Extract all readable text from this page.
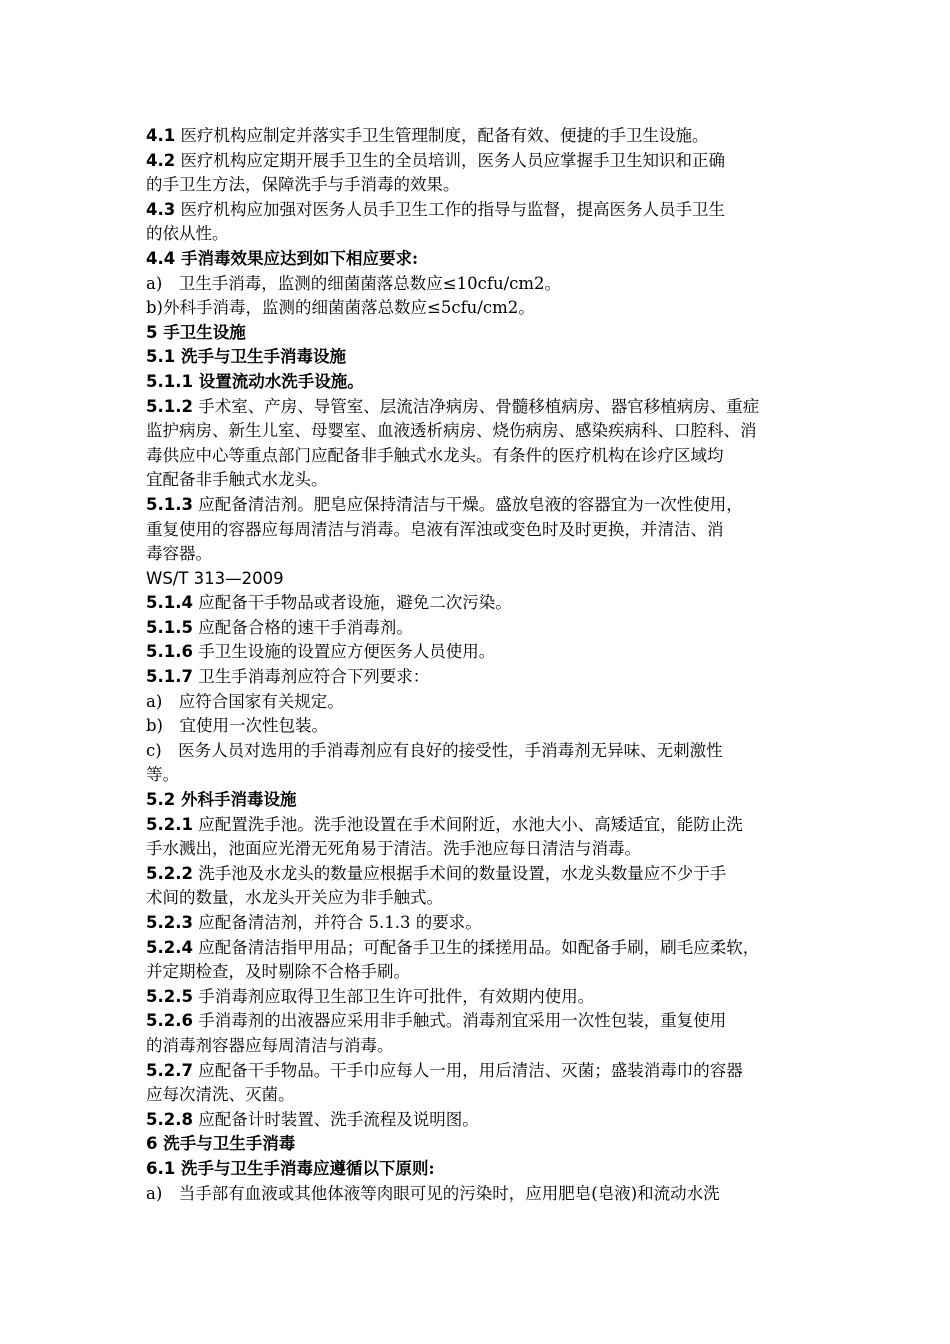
4.1 医疗机构应制定并落实手卫生管理制度，配备有效、便捷的手卫生设施。
4.2 医疗机构应定期开展手卫生的全员培训，医务人员应掌握手卫生知识和正确
的手卫生方法，保障洗手与手消毒的效果。
4.3 医疗机构应加强对医务人员手卫生工作的指导与监督，提高医务人员手卫生
的依从性。
4.4 手消毒效果应达到如下相应要求:
a)　卫生手消毒，监测的细菌菌落总数应≤10cfu/cm2。
b)外科手消毒，监测的细菌菌落总数应≤5cfu/cm2。
5 手卫生设施
5.1 洗手与卫生手消毒设施
5.1.1 设置流动水洗手设施。
5.1.2 手术室、产房、导管室、层流洁净病房、骨髓移植病房、器官移植病房、重症
监护病房、新生儿室、母婴室、血液透析病房、烧伤病房、感染疾病科、口腔科、消
毒供应中心等重点部门应配备非手触式水龙头。有条件的医疗机构在诊疗区域均
宜配备非手触式水龙头。
5.1.3 应配备清洁剂。肥皂应保持清洁与干燥。盛放皂液的容器宜为一次性使用，
重复使用的容器应每周清洁与消毒。皂液有浑浊或变色时及时更换，并清洁、消
毒容器。
WS/T 313—2009
5.1.4 应配备干手物品或者设施，避免二次污染。
5.1.5 应配备合格的速干手消毒剂。
5.1.6 手卫生设施的设置应方便医务人员使用。
5.1.7 卫生手消毒剂应符合下列要求：
a)　应符合国家有关规定。
b)　宜使用一次性包装。
c)　医务人员对选用的手消毒剂应有良好的接受性，手消毒剂无异味、无刺激性
等。
5.2 外科手消毒设施
5.2.1 应配置洗手池。洗手池设置在手术间附近，水池大小、高矮适宜，能防止洗
手水溅出，池面应光滑无死角易于清洁。洗手池应每日清洁与消毒。
5.2.2 洗手池及水龙头的数量应根据手术间的数量设置，水龙头数量应不少于手
术间的数量，水龙头开关应为非手触式。
5.2.3 应配备清洁剂，并符合 5.1.3 的要求。
5.2.4 应配备清洁指甲用品；可配备手卫生的揉搓用品。如配备手刷，刷毛应柔软，
并定期检查，及时剔除不合格手刷。
5.2.5 手消毒剂应取得卫生部卫生许可批件，有效期内使用。
5.2.6 手消毒剂的出液器应采用非手触式。消毒剂宜采用一次性包装，重复使用
的消毒剂容器应每周清洁与消毒。
5.2.7 应配备干手物品。干手巾应每人一用，用后清洁、灭菌；盛装消毒巾的容器
应每次清洗、灭菌。
5.2.8 应配备计时装置、洗手流程及说明图。
6 洗手与卫生手消毒
6.1 洗手与卫生手消毒应遵循以下原则:
a)　当手部有血液或其他体液等肉眼可见的污染时，应用肥皂(皂液)和流动水洗
